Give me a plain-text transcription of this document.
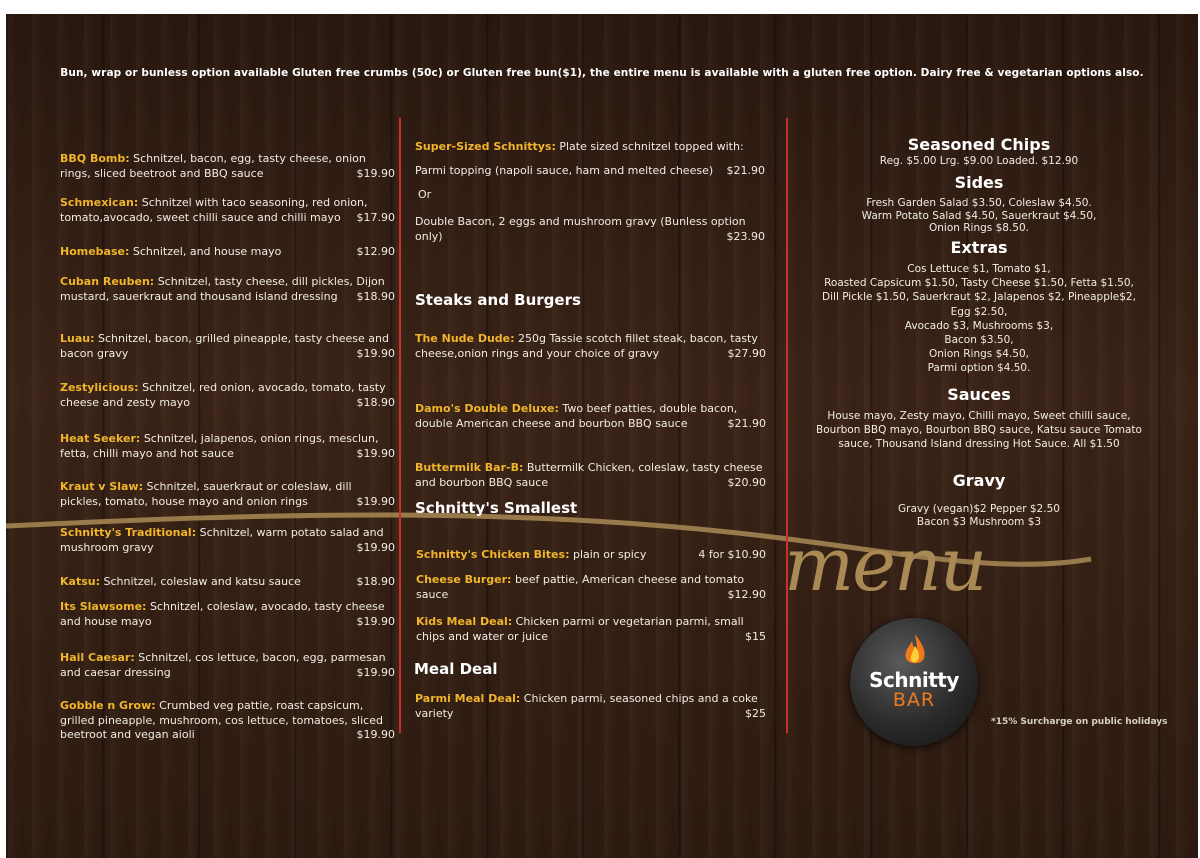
Bun, wrap or bunless option available Gluten free crumbs (50c) or Gluten free bun($1), the entire menu is available with a gluten free option. Dairy free & vegetarian options also.
BBQ Bomb: Schnitzel, bacon, egg, tasty cheese, onion rings, sliced beetroot and BBQ sauce	$19.90
Schmexican: Schnitzel with taco seasoning, red onion, tomato,avocado, sweet chilli sauce and chilli mayo $17.90
Homebase: Schnitzel, and house mayo	$12.90
Cuban Reuben: Schnitzel, tasty cheese, dill pickles, Dijon mustard, sauerkraut and thousand island dressing $18.90
Luau: Schnitzel, bacon, grilled pineapple, tasty cheese and bacon gravy	$19.90
Zestylicious: Schnitzel, red onion, avocado, tomato, tasty cheese and zesty mayo	$18.90
Heat Seeker: Schnitzel, jalapenos, onion rings, mesclun, fetta, chilli mayo and hot sauce	$19.90
Kraut v Slaw: Schnitzel, sauerkraut or coleslaw, dill pickles, tomato, house mayo and onion rings	$19.90
Schnitty's Traditional: Schnitzel, warm potato salad and mushroom gravy	$19.90
Katsu: Schnitzel, coleslaw and katsu sauce	$18.90
Its Slawsome: Schnitzel, coleslaw, avocado, tasty cheese and house mayo	$19.90
Hail Caesar: Schnitzel, cos lettuce, bacon, egg, parmesan and caesar dressing	$19.90
Gobble n Grow: Crumbed veg pattie, roast capsicum, grilled pineapple, mushroom, cos lettuce, tomatoes, sliced beetroot and vegan aioli	$19.90
Super-Sized Schnittys: Plate sized schnitzel topped with:
Parmi topping (napoli sauce, ham and melted cheese) $21.90
Or
Double Bacon, 2 eggs and mushroom gravy (Bunless option only)	$23.90
Steaks and Burgers
The Nude Dude: 250g Tassie scotch fillet steak, bacon, tasty cheese,onion rings and your choice of gravy	$27.90
Damo's Double Deluxe: Two beef patties, double bacon, double American cheese and bourbon BBQ sauce	$21.90
Buttermilk Bar-B: Buttermilk Chicken, coleslaw, tasty cheese and bourbon BBQ sauce	$20.90
Schnitty's Smallest
Schnitty's Chicken Bites: plain or spicy	4 for $10.90
Cheese Burger: beef pattie, American cheese and tomato sauce	$12.90
Kids Meal Deal: Chicken parmi or vegetarian parmi, small chips and water or juice	$15
Meal Deal
Parmi Meal Deal: Chicken parmi, seasoned chips and a coke variety	$25
Seasoned Chips
Reg. $5.00 Lrg. $9.00 Loaded. $12.90
Sides
Fresh Garden Salad $3.50, Coleslaw $4.50.
Warm Potato Salad $4.50, Sauerkraut $4.50,
Onion Rings $8.50.
Extras
Cos Lettuce $1, Tomato $1,
Roasted Capsicum $1.50, Tasty Cheese $1.50, Fetta $1.50,
Dill Pickle $1.50, Sauerkraut $2, Jalapenos $2, Pineapple$2,
Egg $2.50,
Avocado $3, Mushrooms $3,
Bacon $3.50,
Onion Rings $4.50,
Parmi option $4.50.
Sauces
House mayo, Zesty mayo, Chilli mayo, Sweet chilli sauce,
Bourbon BBQ mayo, Bourbon BBQ sauce, Katsu sauce Tomato
sauce, Thousand Island dressing Hot Sauce. All $1.50
Gravy
Gravy (vegan)$2 Pepper $2.50
Bacon $3 Mushroom $3
menu
Schnitty
BAR
*15% Surcharge on public holidays
